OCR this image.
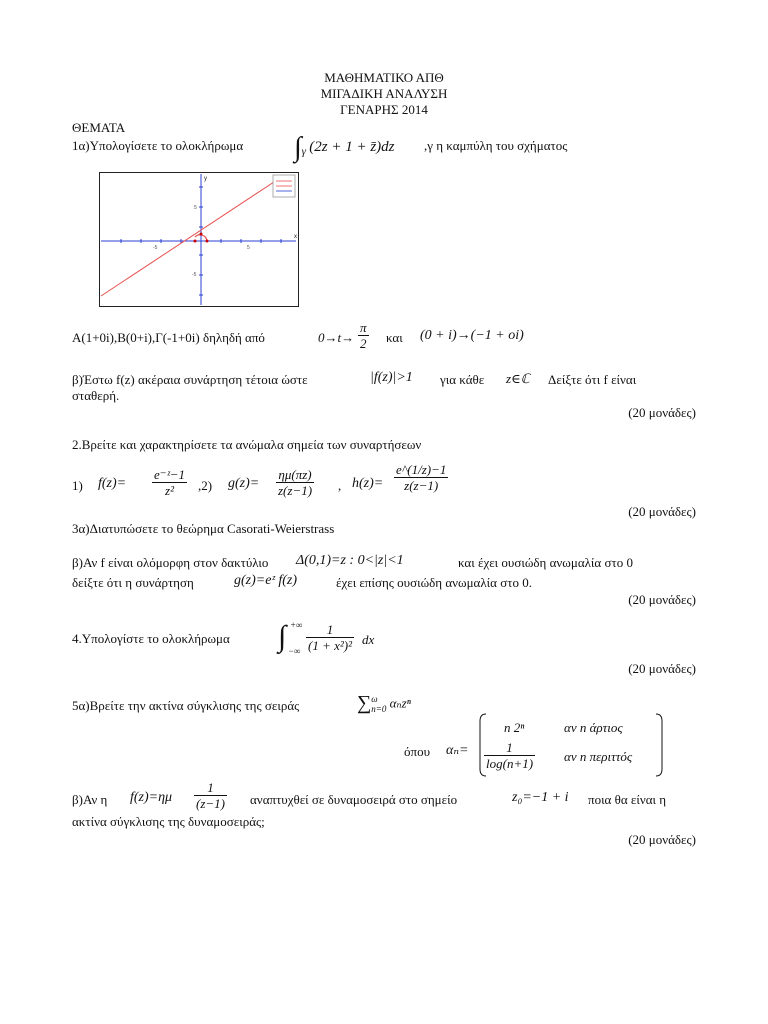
ΜΑΘΗΜΑΤΙΚΟ ΑΠΘ
ΜΙΓΑΔΙΚΗ ΑΝΑΛΥΣΗ
ΓΕΝΑΡΗΣ 2014
ΘΕΜΑΤΑ
1α)Υπολογίσετε το ολοκλήρωμα $\int_\gamma$ (2z + 1 + z̄)dz ,γ η καμπύλη του σχήματος
x
y
-5	5
5
-5
Α(1+0i),Β(0+i),Γ(-1+0i) δηληδή από	$0\to t\to \frac{\pi}{2}$ και (0 + i)→(−1 + oi)
β)Έστω f(z) ακέραια συνάρτηση τέτοια ώστε	|f(z)|>1 για κάθε z∈ℂ Δείξτε ότι f είναι
σταθερή.
(20 μονάδες)
2.Βρείτε και χαρακτηρίσετε τα ανώμαλα σημεία των συναρτήσεων
1) $f(z)= \frac{\text{e⁻ᶻ−1}}{\text{z²}} ,2$) $g(z)= \frac{\eta\mu(\pi z)}{z(z-1)}$ , $h(z)= \frac{e\^{}(1/z)-1}{z(z-1)}$
(20 μονάδες)
3α)Διατυπώσετε το θεώρημα Casorati-Weierstrass
β)Αν f είναι ολόμορφη στον δακτύλιο Δ(0,1)=z : 0<|z|<1	και έχει ουσιώδη ανωμαλία στο 0
δείξτε ότι η συνάρτηση	g(z)=eᶻ f(z)	έχει επίσης ουσιώδη ανωμαλία στο 0.
(20 μονάδες)
4.Υπολογίστε το ολοκλήρωμα ∫ +∞
−∞ $\frac{1}{\text{(1 + x²)²}}$ dx
(20 μονάδες)
5α)Βρείτε την ακτίνα σύγκλισης της σειράς	∑ ω
n=0 αₙzⁿ
όπου αₙ=
n 2ⁿ	αν n άρτιος
$\frac{1}{\log(n+1)}$ αν n περιττός
β)Αν η $f(z)=\eta\mu \frac{1}{(z-1)}$ αναπτυχθεί σε δυναμοσειρά στο σημείο	z₀=−1 + i ποια θα είναι η
ακτίνα σύγκλισης της δυναμοσειράς;
(20 μονάδες)
